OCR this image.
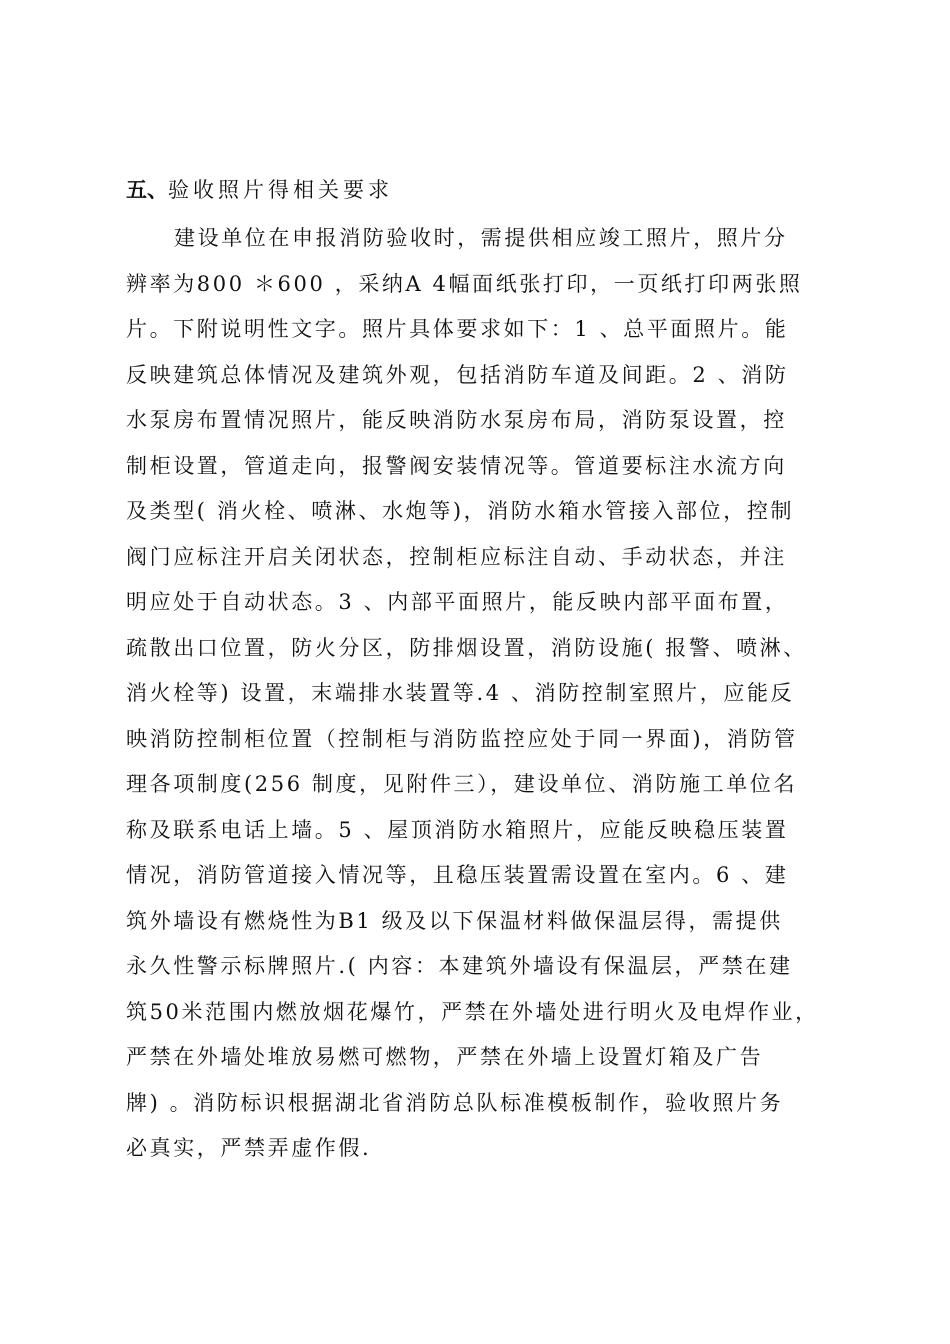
五、验收照片得相关要求
建设单位在申报消防验收时，需提供相应竣工照片，照片分
辨率为800 ＊600 ，采纳A 4幅面纸张打印，一页纸打印两张照
片。下附说明性文字。照片具体要求如下：1 、总平面照片。能
反映建筑总体情况及建筑外观，包括消防车道及间距。2 、消防
水泵房布置情况照片，能反映消防水泵房布局，消防泵设置，控
制柜设置，管道走向，报警阀安装情况等。管道要标注水流方向
及类型( 消火栓、喷淋、水炮等)，消防水箱水管接入部位，控制
阀门应标注开启关闭状态，控制柜应标注自动、手动状态，并注
明应处于自动状态。3 、内部平面照片，能反映内部平面布置，
疏散出口位置，防火分区，防排烟设置，消防设施( 报警、喷淋、
消火栓等) 设置，末端排水装置等.4 、消防控制室照片，应能反
映消防控制柜位置（控制柜与消防监控应处于同一界面)，消防管
理各项制度(256 制度，见附件三），建设单位、消防施工单位名
称及联系电话上墙。5 、屋顶消防水箱照片，应能反映稳压装置
情况，消防管道接入情况等，且稳压装置需设置在室内。6 、建
筑外墙设有燃烧性为B1 级及以下保温材料做保温层得，需提供
永久性警示标牌照片.( 内容：本建筑外墙设有保温层，严禁在建
筑50米范围内燃放烟花爆竹，严禁在外墙处进行明火及电焊作业，
严禁在外墙处堆放易燃可燃物，严禁在外墙上设置灯箱及广告
牌) 。消防标识根据湖北省消防总队标准模板制作，验收照片务
必真实，严禁弄虚作假.
